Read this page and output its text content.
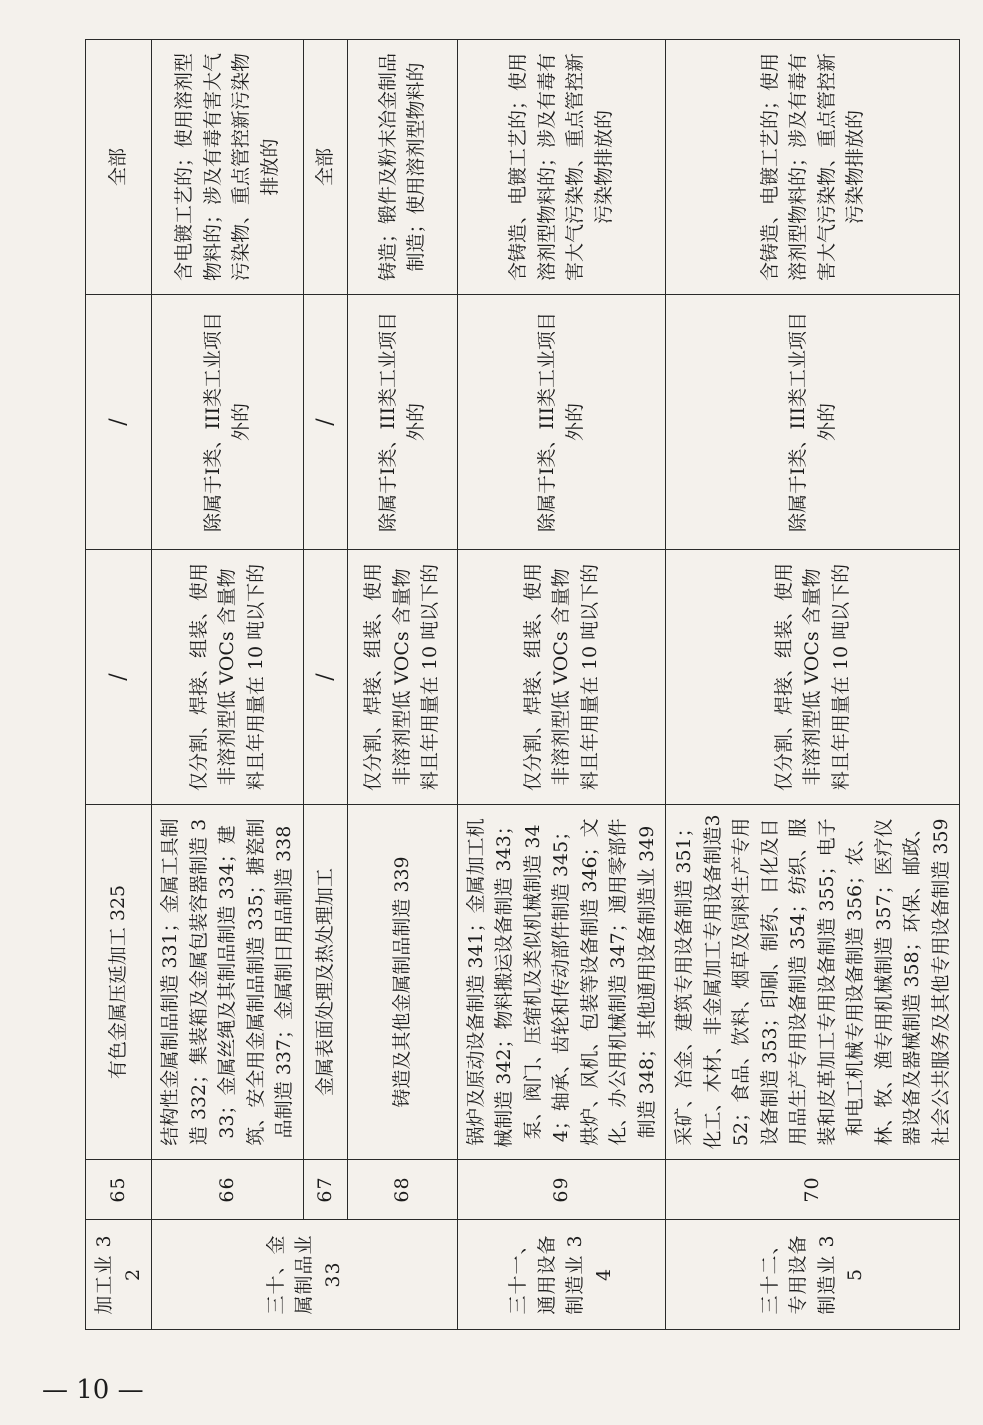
加工业 32	65	有色金属压延加工 325	/	/	全部
三十、金属制品业 33	66	结构性金属制品制造 331；金属工具制造 332；集装箱及金属包装容器制造 333；金属丝绳及其制品制造 334；建筑、安全用金属制品制造 335；搪瓷制品制造 337；金属制日用品制造 338	仅分割、焊接、组装、使用非溶剂型低 VOCs 含量物料且年用量在 10 吨以下的	除属于I类、III类工业项目外的	含电镀工艺的；使用溶剂型物料的；涉及有毒有害大气污染物、重点管控新污染物排放的
	67	金属表面处理及热处理加工	/	/	全部
	68	铸造及其他金属制品制造 339	仅分割、焊接、组装、使用非溶剂型低 VOCs 含量物料且年用量在 10 吨以下的	除属于I类、III类工业项目外的	铸造；锻件及粉末冶金制品制造；使用溶剂型物料的
三十一、通用设备制造业 34	69	锅炉及原动设备制造 341；金属加工机械制造 342；物料搬运设备制造 343；泵、阀门、压缩机及类似机械制造 344；轴承、齿轮和传动部件制造 345；烘炉、风机、包装等设备制造 346；文化、办公用机械制造 347；通用零部件制造 348；其他通用设备制造业 349	仅分割、焊接、组装、使用非溶剂型低 VOCs 含量物料且年用量在 10 吨以下的	除属于I类、III类工业项目外的	含铸造、电镀工艺的；使用溶剂型物料的；涉及有毒有害大气污染物、重点管控新污染物排放的
三十二、专用设备制造业 35	70	采矿、冶金、建筑专用设备制造 351；化工、木材、非金属加工专用设备制造352；食品、饮料、烟草及饲料生产专用设备制造 353；印刷、制药、日化及日用品生产专用设备制造 354；纺织、服装和皮革加工专用设备制造 355；电子和电工机械专用设备制造 356；农、林、牧、渔专用机械制造 357；医疗仪器设备及器械制造 358；环保、邮政、社会公共服务及其他专用设备制造 359	仅分割、焊接、组装、使用非溶剂型低 VOCs 含量物料且年用量在 10 吨以下的	除属于I类、III类工业项目外的	含铸造、电镀工艺的；使用溶剂型物料的；涉及有毒有害大气污染物、重点管控新污染物排放的
— 10 —
